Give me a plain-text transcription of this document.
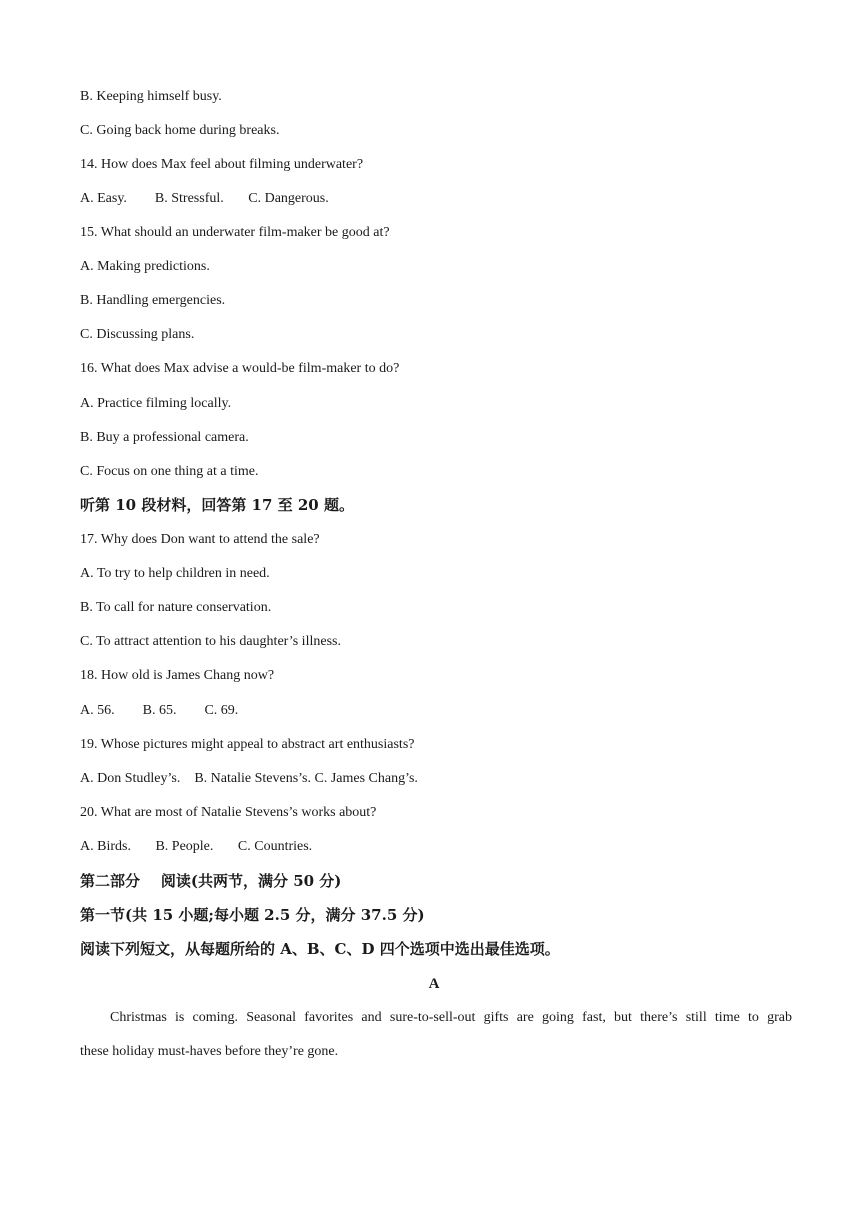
B. Keeping himself busy.
C. Going back home during breaks.
14. How does Max feel about filming underwater?
A. Easy.        B. Stressful.       C. Dangerous.
15. What should an underwater film-maker be good at?
A. Making predictions.
B. Handling emergencies.
C. Discussing plans.
16. What does Max advise a would-be film-maker to do?
A. Practice filming locally.
B. Buy a professional camera.
C. Focus on one thing at a time.
听第 10 段材料，回答第 17 至 20 题。
17. Why does Don want to attend the sale?
A. To try to help children in need.
B. To call for nature conservation.
C. To attract attention to his daughter’s illness.
18. How old is James Chang now?
A. 56.        B. 65.        C. 69.
19. Whose pictures might appeal to abstract art enthusiasts?
A. Don Studley’s.    B. Natalie Stevens’s. C. James Chang’s.
20. What are most of Natalie Stevens’s works about?
A. Birds.       B. People.       C. Countries.
第二部分    阅读(共两节，满分 50 分)
第一节(共 15 小题;每小题 2.5 分，满分 37.5 分)
阅读下列短文，从每题所给的 A、B、C、D 四个选项中选出最佳选项。
A
Christmas is coming. Seasonal favorites and sure-to-sell-out gifts are going fast, but there’s still time to grab
these holiday must-haves before they’re gone.
